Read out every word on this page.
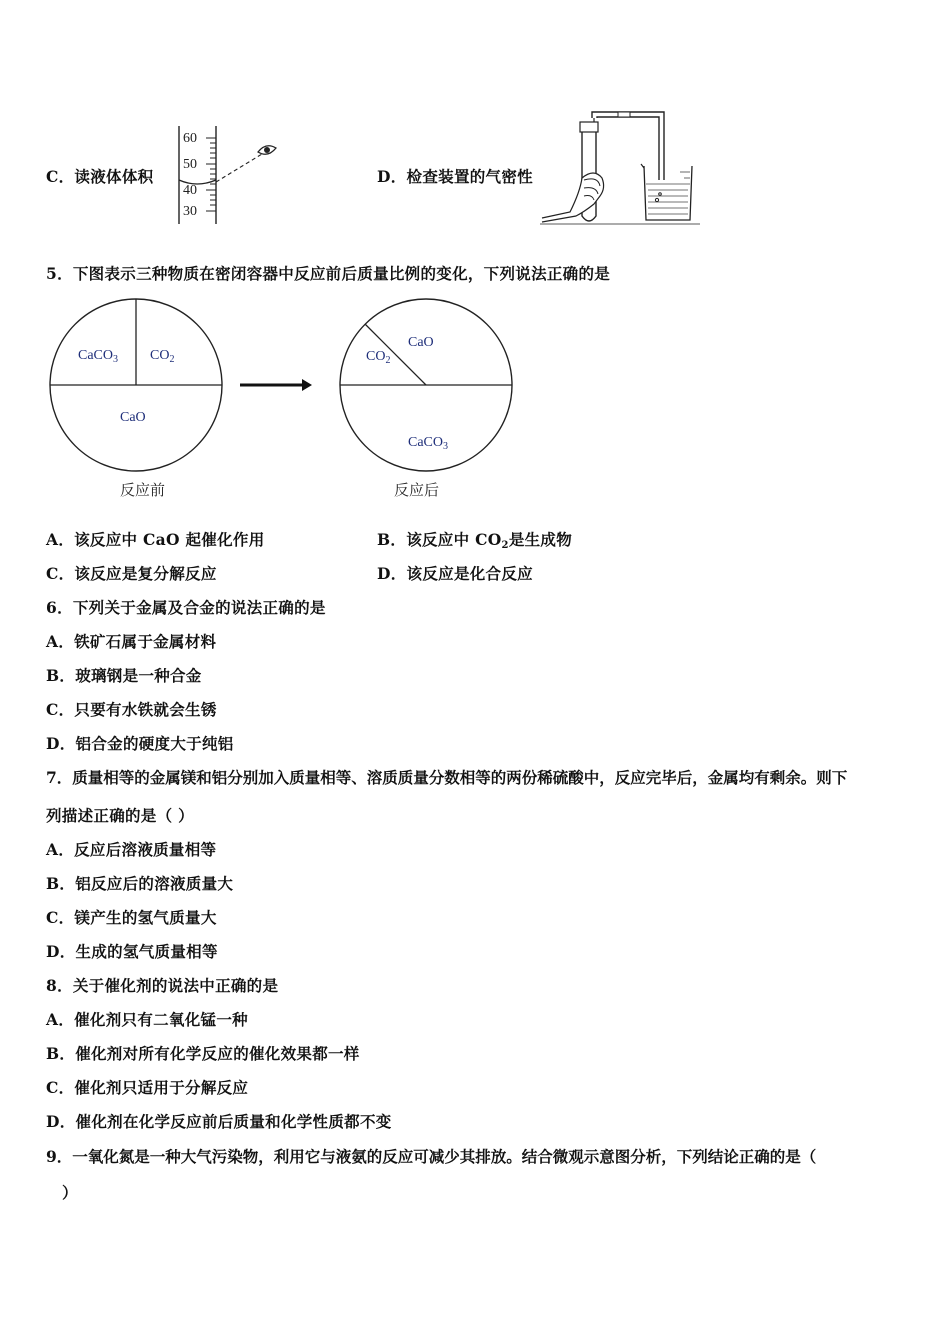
C．读液体体积
60
50
40
30
D．检查装置的气密性
5．下图表示三种物质在密闭容器中反应前后质量比例的变化，下列说法正确的是
CaCO$_3$ $CO_2$
CaO
反应前
$CO_2$
CaO
CaCO$_3$
反应后
A．该反应中 CaO 起催化作用	B．该反应中 CO2是生成物
C．该反应是复分解反应	D．该反应是化合反应
6．下列关于金属及合金的说法正确的是
A．铁矿石属于金属材料
B．玻璃钢是一种合金
C．只要有水铁就会生锈
D．铝合金的硬度大于纯铝
7．质量相等的金属镁和铝分别加入质量相等、溶质质量分数相等的两份稀硫酸中，反应完毕后，金属均有剩余。则下
列描述正确的是（ ）
A．反应后溶液质量相等
B．铝反应后的溶液质量大
C．镁产生的氢气质量大
D．生成的氢气质量相等
8．关于催化剂的说法中正确的是
A．催化剂只有二氧化锰一种
B．催化剂对所有化学反应的催化效果都一样
C．催化剂只适用于分解反应
D．催化剂在化学反应前后质量和化学性质都不变
9．一氧化氮是一种大气污染物，利用它与液氨的反应可减少其排放。结合微观示意图分析，下列结论正确的是（
）
